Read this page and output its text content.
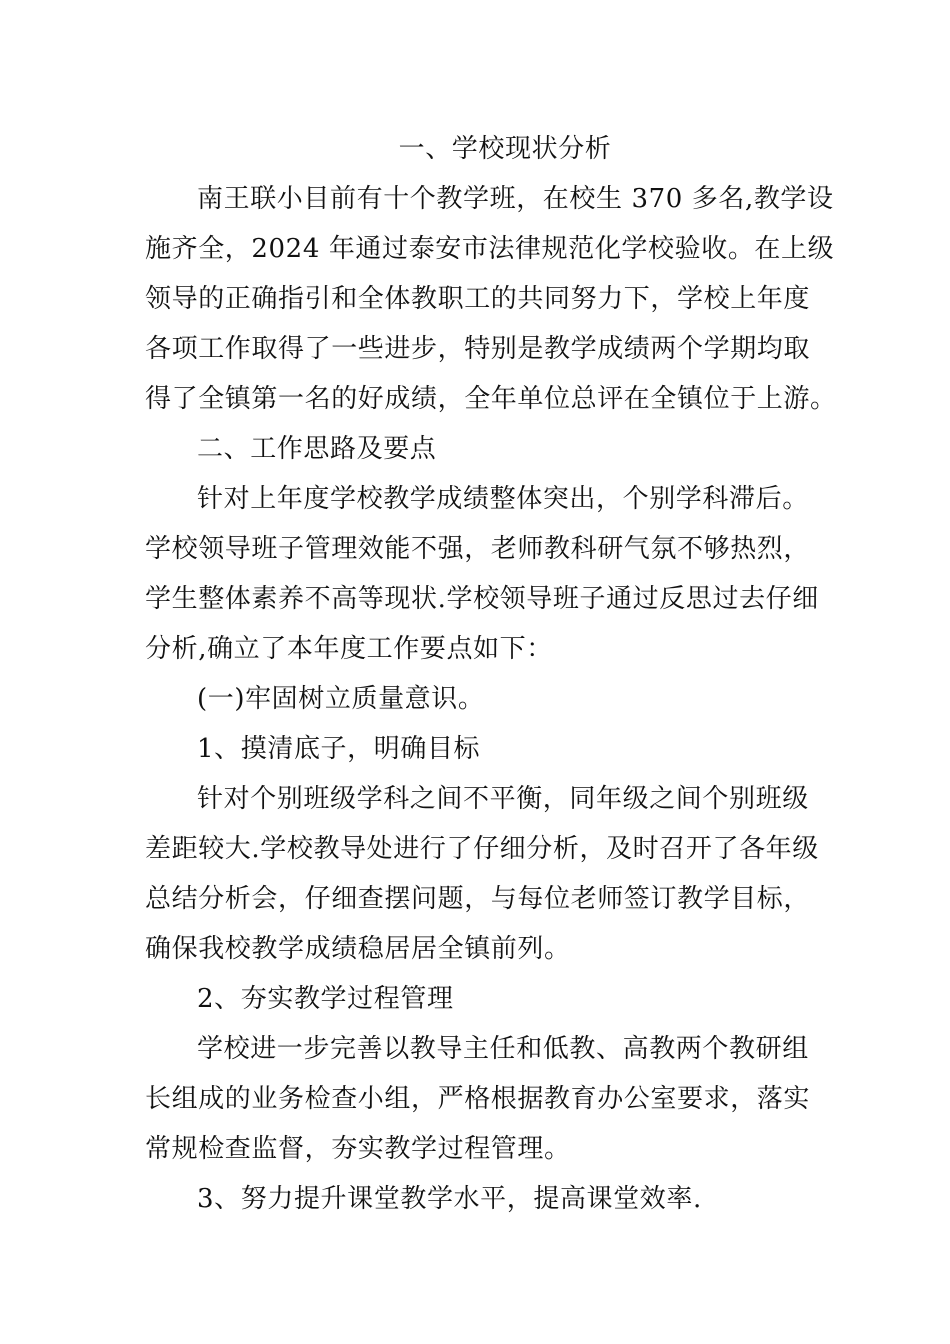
一、学校现状分析
南王联小目前有十个教学班，在校生 370 多名,教学设
施齐全，2024 年通过泰安市法律规范化学校验收。在上级
领导的正确指引和全体教职工的共同努力下，学校上年度
各项工作取得了一些进步，特别是教学成绩两个学期均取
得了全镇第一名的好成绩，全年单位总评在全镇位于上游。
二、工作思路及要点
针对上年度学校教学成绩整体突出，个别学科滞后。
学校领导班子管理效能不强，老师教科研气氛不够热烈，
学生整体素养不高等现状.学校领导班子通过反思过去仔细
分析,确立了本年度工作要点如下：
(一)牢固树立质量意识。
1、摸清底子，明确目标
针对个别班级学科之间不平衡，同年级之间个别班级
差距较大.学校教导处进行了仔细分析，及时召开了各年级
总结分析会，仔细查摆问题，与每位老师签订教学目标，
确保我校教学成绩稳居居全镇前列。
2、夯实教学过程管理
学校进一步完善以教导主任和低教、高教两个教研组
长组成的业务检查小组，严格根据教育办公室要求，落实
常规检查监督，夯实教学过程管理。
3、努力提升课堂教学水平，提高课堂效率.
